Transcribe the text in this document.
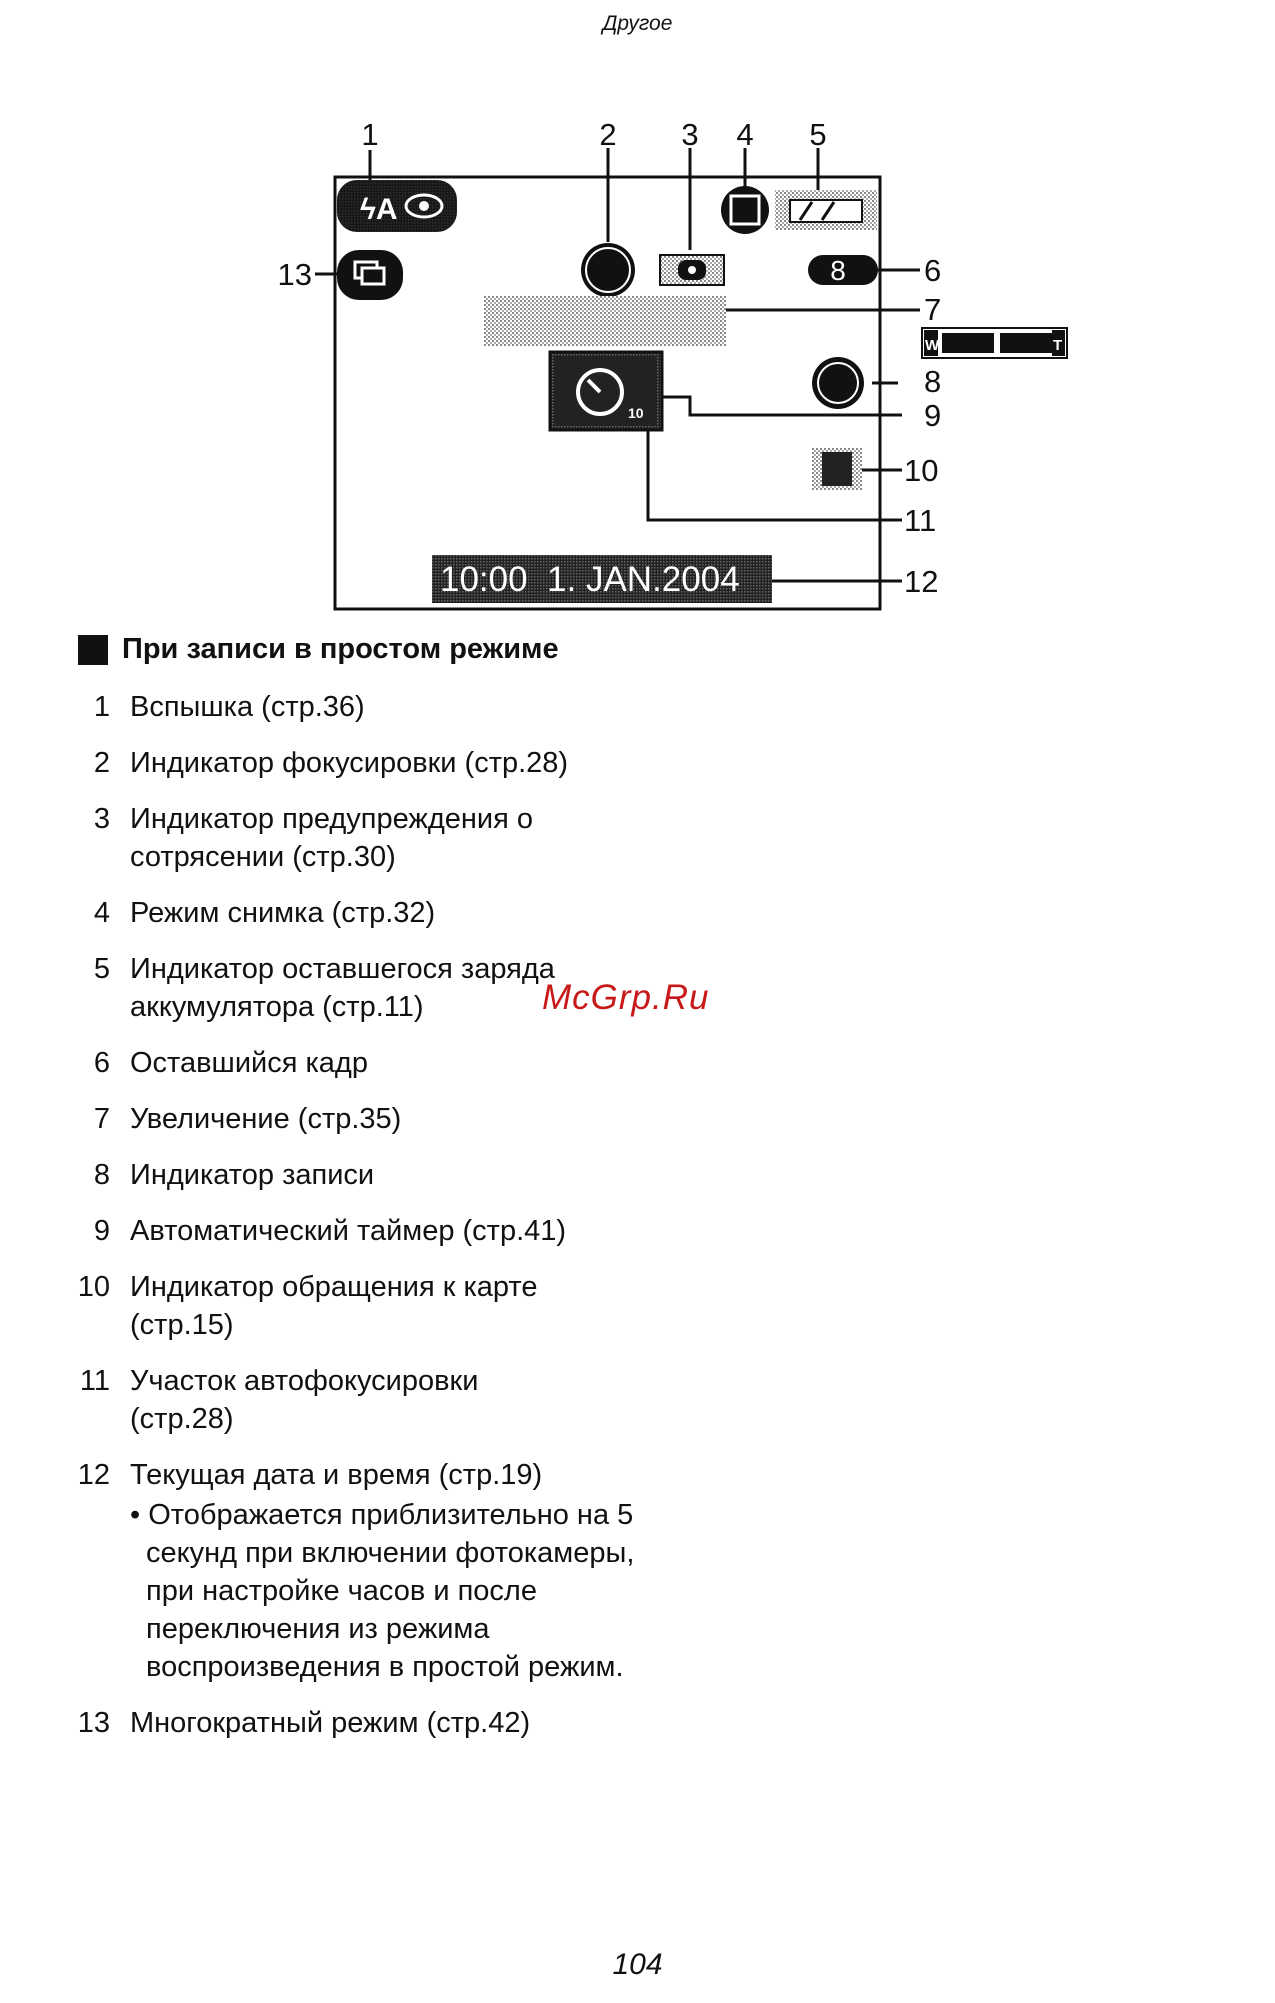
Другое
ϟA
8
W	T
10
10:00  1. JAN.2004
1	2 3 4 5
6
7
8
9
10
11
12
13
При записи в простом режиме
1 Вспышка (стр.36)
2 Индикатор фокусировки (стр.28)
3 Индикатор предупреждения о
сотрясении (стр.30)
4 Режим снимка (стр.32)
5 Индикатор оставшегося заряда
аккумулятора (стр.11)
6 Оставшийся кадр
7 Увеличение (стр.35)
8 Индикатор записи
9 Автоматический таймер (стр.41)
10 Индикатор обращения к карте
(стр.15)
11 Участок автофокусировки
(стр.28)
12 Текущая дата и время (стр.19)
• Отображается приблизительно на 5 секунд при включении фотокамеры, при настройке часов и после переключения из режима воспроизведения в простой режим.
13 Многократный режим (стр.42)
McGrp.Ru
104
